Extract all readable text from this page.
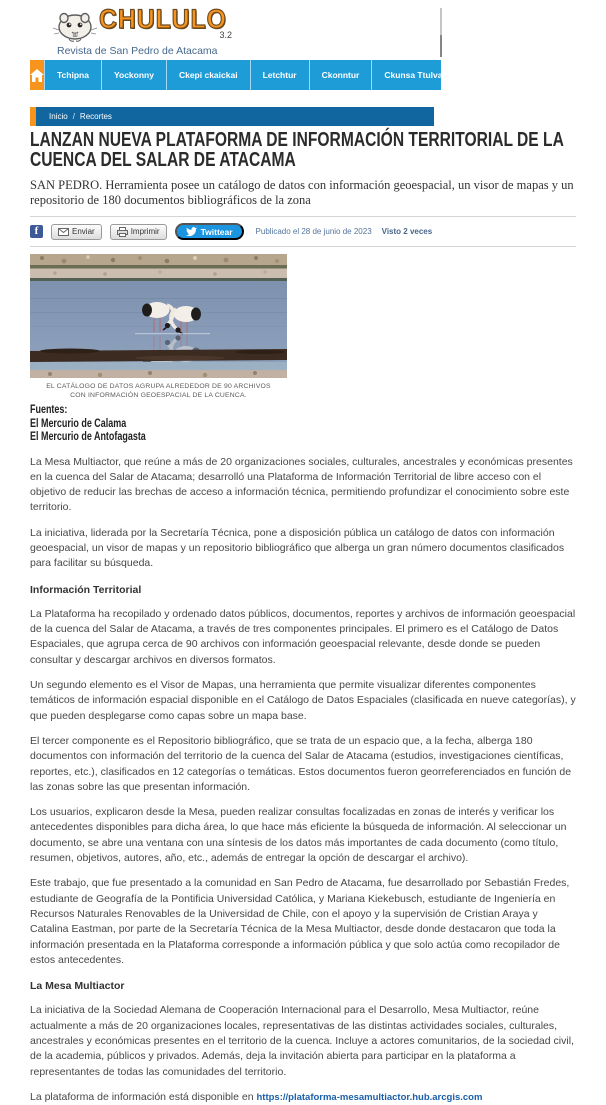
CHULULO
3.2
Revista de San Pedro de Atacama
Tchipna	Yockonny	Ckepi ckaickai	Letchtur	Ckonntur	Ckunsa Ttulva
Inicio / Recortes
LANZAN NUEVA PLATAFORMA DE INFORMACIÓN TERRITORIAL DE LA CUENCA DEL SALAR DE ATACAMA

SAN PEDRO. Herramienta posee un catálogo de datos con información geoespacial, un visor de mapas y un repositorio de 180 documentos bibliográficos de la zona

f	Enviar	Imprimir	Twittear	Publicado el 28 de junio de 2023 Visto 2 veces
EL CATÁLOGO DE DATOS AGRUPA ALREDEDOR DE 90 ARCHIVOS CON INFORMACIÓN GEOESPACIAL DE LA CUENCA.
Fuentes:
El Mercurio de Calama
El Mercurio de Antofagasta

La Mesa Multiactor, que reúne a más de 20 organizaciones sociales, culturales, ancestrales y económicas presentes en la cuenca del Salar de Atacama; desarrolló una Plataforma de Información Territorial de libre acceso con el objetivo de reducir las brechas de acceso a información técnica, permitiendo profundizar el conocimiento sobre este territorio.

La iniciativa, liderada por la Secretaría Técnica, pone a disposición pública un catálogo de datos con información geoespacial, un visor de mapas y un repositorio bibliográfico que alberga un gran número documentos clasificados para facilitar su búsqueda.

Información Territorial

La Plataforma ha recopilado y ordenado datos públicos, documentos, reportes y archivos de información geoespacial de la cuenca del Salar de Atacama, a través de tres componentes principales. El primero es el Catálogo de Datos Espaciales, que agrupa cerca de 90 archivos con información geoespacial relevante, desde donde se pueden consultar y descargar archivos en diversos formatos.

Un segundo elemento es el Visor de Mapas, una herramienta que permite visualizar diferentes componentes temáticos de información espacial disponible en el Catálogo de Datos Espaciales (clasificada en nueve categorías), y que pueden desplegarse como capas sobre un mapa base.

El tercer componente es el Repositorio bibliográfico, que se trata de un espacio que, a la fecha, alberga 180 documentos con información del territorio de la cuenca del Salar de Atacama (estudios, investigaciones científicas, reportes, etc.), clasificados en 12 categorías o temáticas. Estos documentos fueron georreferenciados en función de las zonas sobre las que presentan información.

Los usuarios, explicaron desde la Mesa, pueden realizar consultas focalizadas en zonas de interés y verificar los antecedentes disponibles para dicha área, lo que hace más eficiente la búsqueda de información. Al seleccionar un documento, se abre una ventana con una síntesis de los datos más importantes de cada documento (como título, resumen, objetivos, autores, año, etc., además de entregar la opción de descargar el archivo).

Este trabajo, que fue presentado a la comunidad en San Pedro de Atacama, fue desarrollado por Sebastián Fredes, estudiante de Geografía de la Pontificia Universidad Católica, y Mariana Kiekebusch, estudiante de Ingeniería en Recursos Naturales Renovables de la Universidad de Chile, con el apoyo y la supervisión de Cristian Araya y Catalina Eastman, por parte de la Secretaría Técnica de la Mesa Multiactor, desde donde destacaron que toda la información presentada en la Plataforma corresponde a información pública y que solo actúa como recopilador de estos antecedentes.

La Mesa Multiactor

La iniciativa de la Sociedad Alemana de Cooperación Internacional para el Desarrollo, Mesa Multiactor, reúne actualmente a más de 20 organizaciones locales, representativas de las distintas actividades sociales, culturales, ancestrales y económicas presentes en el territorio de la cuenca. Incluye a actores comunitarios, de la sociedad civil, de la academia, públicos y privados. Además, deja la invitación abierta para participar en la plataforma a representantes de todas las comunidades del territorio.

La plataforma de información está disponible en https://plataforma-mesamultiactor.hub.arcgis.com
